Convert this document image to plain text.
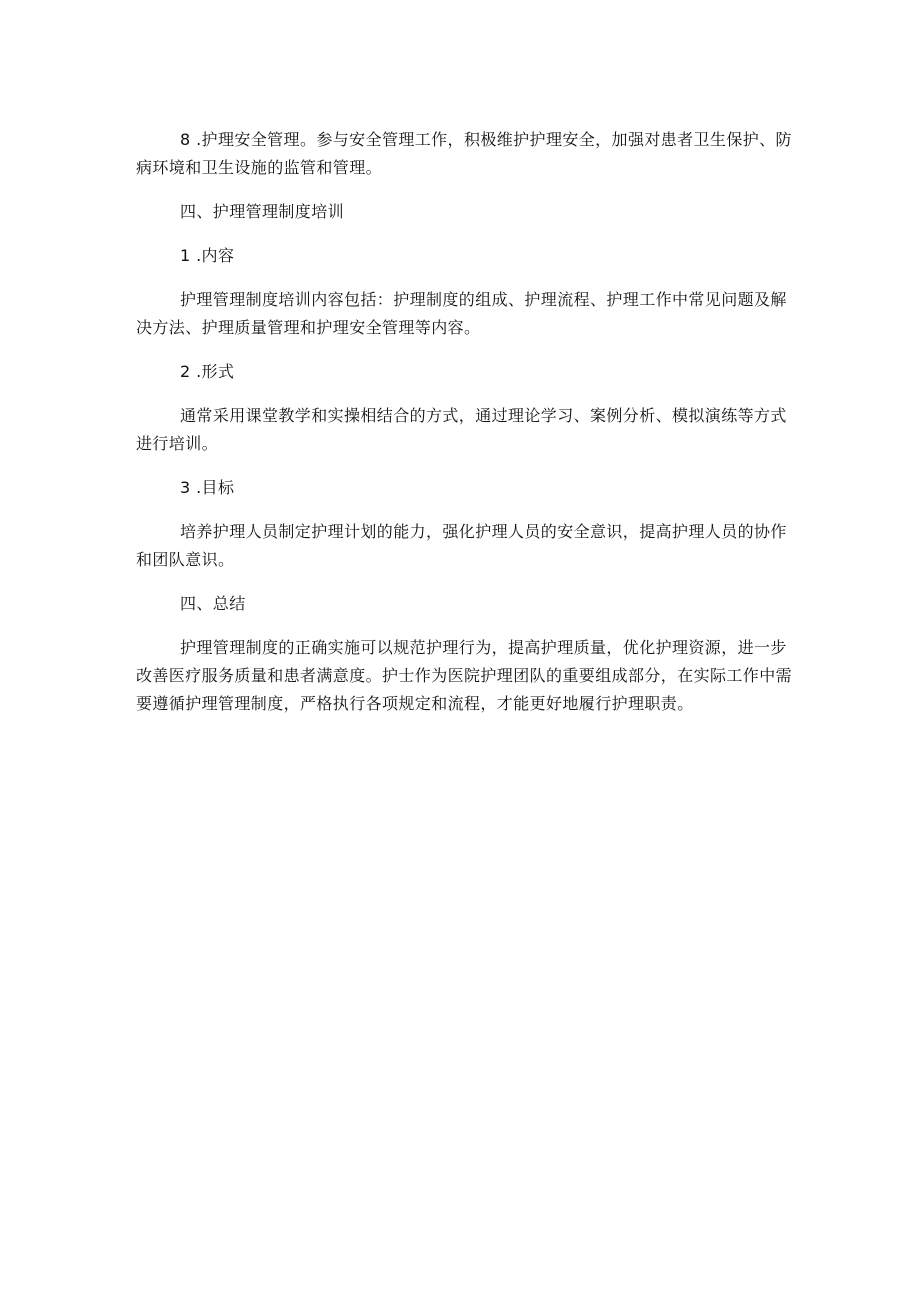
8 .护理安全管理。参与安全管理工作，积极维护护理安全，加强对患者卫生保护、防病环境和卫生设施的监管和管理。

四、护理管理制度培训

1 .内容

护理管理制度培训内容包括：护理制度的组成、护理流程、护理工作中常见问题及解决方法、护理质量管理和护理安全管理等内容。

2 .形式

通常采用课堂教学和实操相结合的方式，通过理论学习、案例分析、模拟演练等方式进行培训。

3 .目标

培养护理人员制定护理计划的能力，强化护理人员的安全意识，提高护理人员的协作和团队意识。

四、总结

护理管理制度的正确实施可以规范护理行为，提高护理质量，优化护理资源，进一步改善医疗服务质量和患者满意度。护士作为医院护理团队的重要组成部分，在实际工作中需要遵循护理管理制度，严格执行各项规定和流程，才能更好地履行护理职责。
